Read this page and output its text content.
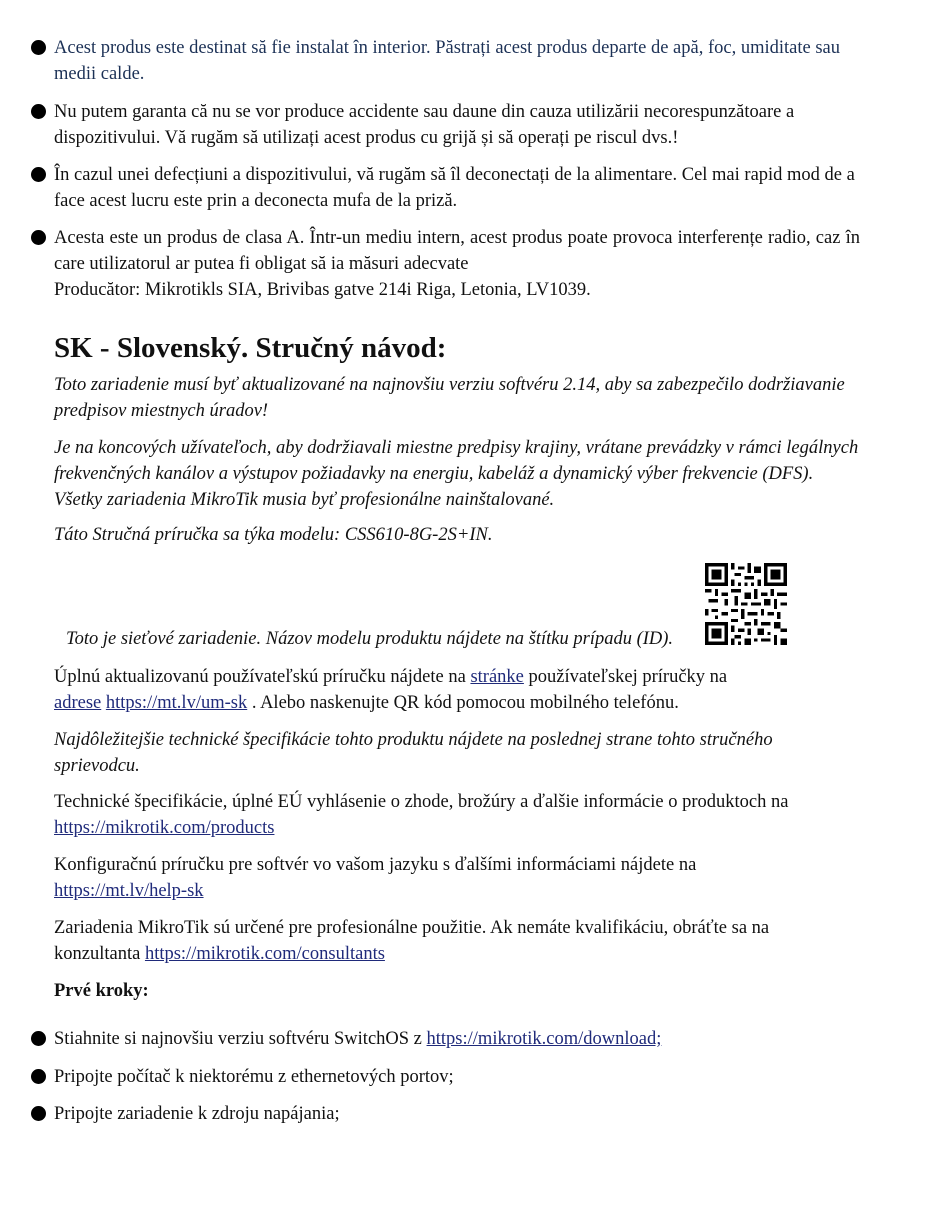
Acest produs este destinat să fie instalat în interior. Păstrați acest produs departe de apă, foc, umiditate sau medii calde.
Nu putem garanta că nu se vor produce accidente sau daune din cauza utilizării necorespunzătoare a dispozitivului. Vă rugăm să utilizați acest produs cu grijă și să operați pe riscul dvs.!
În cazul unei defecțiuni a dispozitivului, vă rugăm să îl deconectați de la alimentare. Cel mai rapid mod de a face acest lucru este prin a deconecta mufa de la priză.
Acesta este un produs de clasa A. Într-un mediu intern, acest produs poate provoca interferențe radio, caz în care utilizatorul ar putea fi obligat să ia măsuri adecvate

Producător: Mikrotikls SIA, Brivibas gatve 214i Riga, Letonia, LV1039.

SK - Slovenský. Stručný návod:

Toto zariadenie musí byť aktualizované na najnovšiu verziu softvéru 2.14, aby sa zabezpečilo dodržiavanie predpisov miestnych úradov!

Je na koncových užívateľoch, aby dodržiavali miestne predpisy krajiny, vrátane prevádzky v rámci legálnych frekvenčných kanálov a výstupov požiadavky na energiu, kabeláž a dynamický výber frekvencie (DFS). Všetky zariadenia MikroTik musia byť profesionálne nainštalované.

Táto Stručná príručka sa týka modelu: CSS610-8G-2S+IN.

Toto je sieťové zariadenie. Názov modelu produktu nájdete na štítku prípadu (ID).

Úplnú aktualizovanú používateľskú príručku nájdete na stránke používateľskej príručky na adrese https://mt.lv/um-sk . Alebo naskenujte QR kód pomocou mobilného telefónu.

Najdôležitejšie technické špecifikácie tohto produktu nájdete na poslednej strane tohto stručného sprievodcu.

Technické špecifikácie, úplné EÚ vyhlásenie o zhode, brožúry a ďalšie informácie o produktoch na https://mikrotik.com/products

Konfiguračnú príručku pre softvér vo vašom jazyku s ďalšími informáciami nájdete na https://mt.lv/help-sk

Zariadenia MikroTik sú určené pre profesionálne použitie. Ak nemáte kvalifikáciu, obráťte sa na konzultanta https://mikrotik.com/consultants

Prvé kroky:

Stiahnite si najnovšiu verziu softvéru SwitchOS z https://mikrotik.com/download;
Pripojte počítač k niektorému z ethernetových portov;
Pripojte zariadenie k zdroju napájania;
